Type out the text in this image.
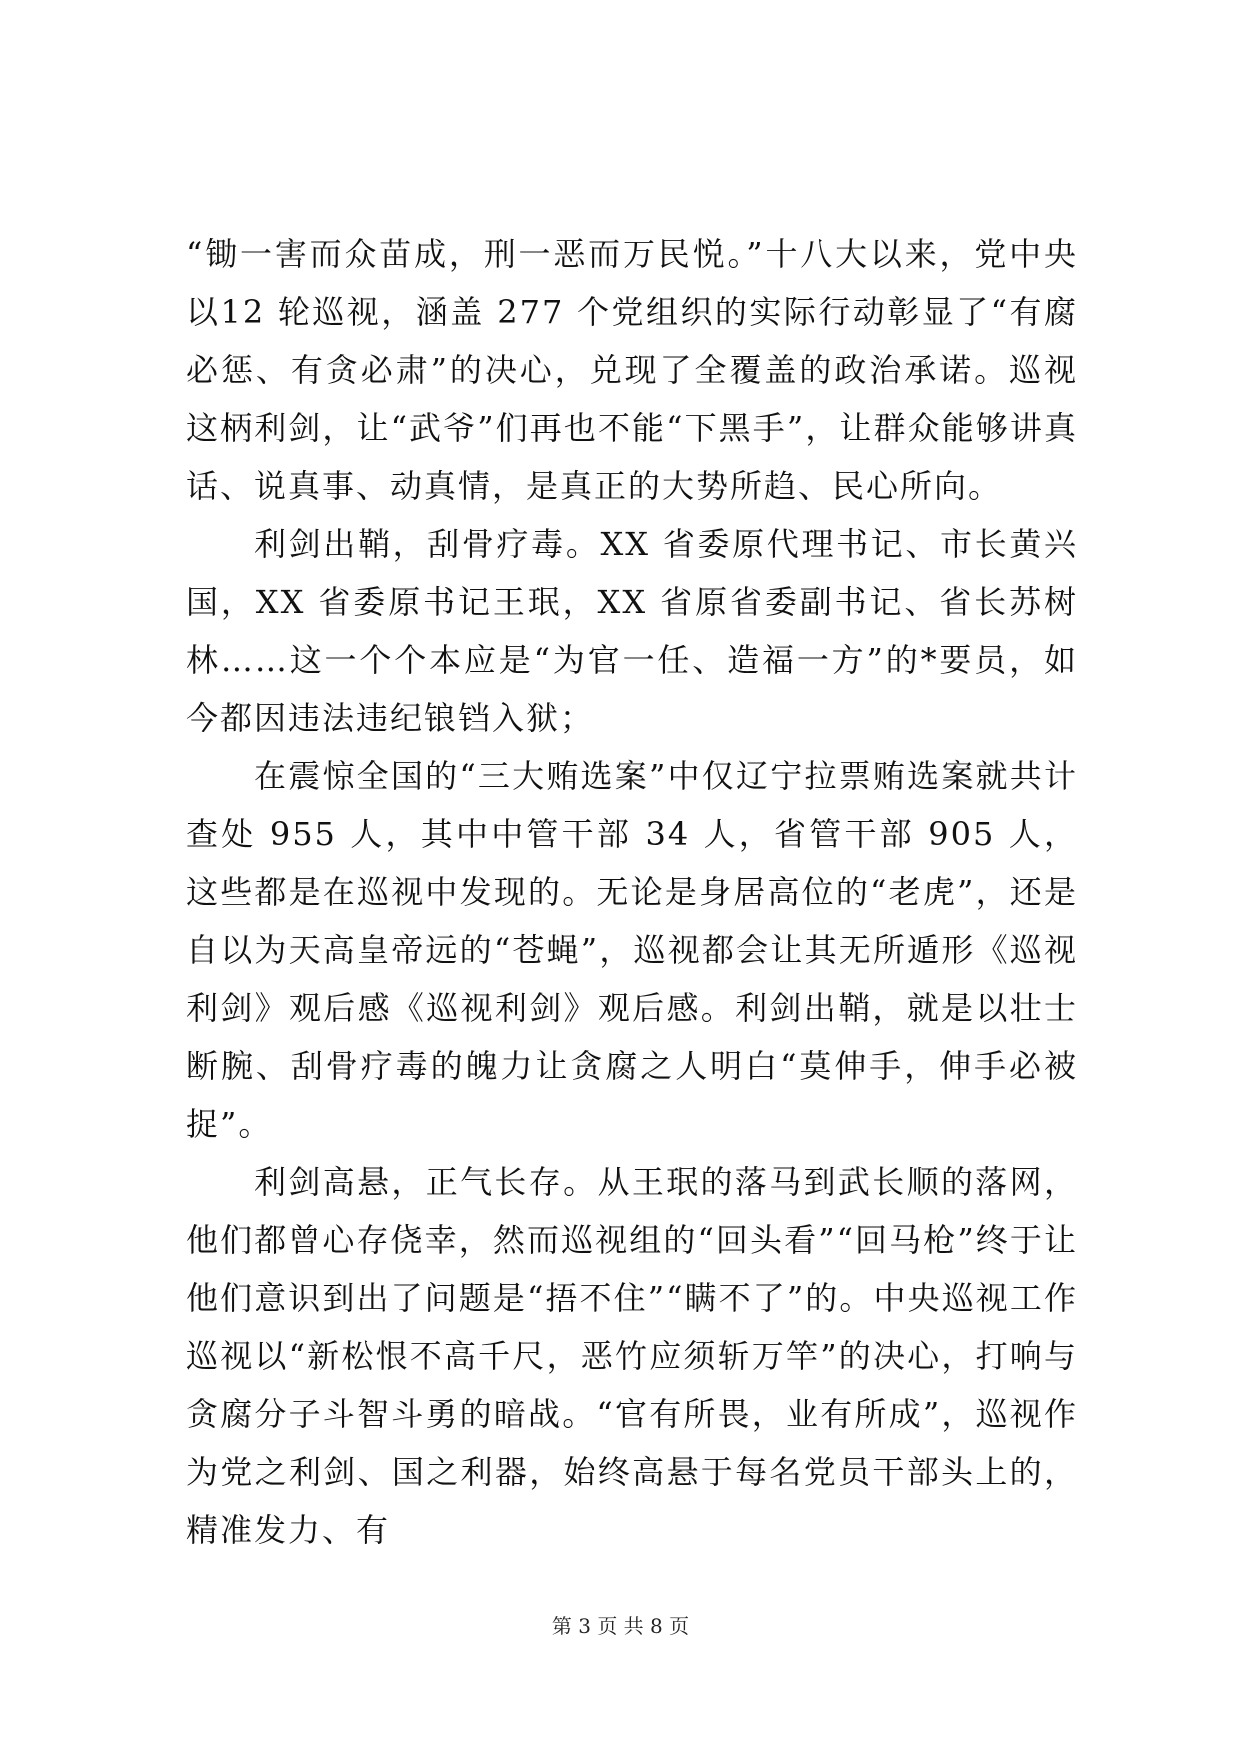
“锄一害而众苗成，刑一恶而万民悦。”十八大以来，党中央以12 轮巡视，涵盖 277 个党组织的实际行动彰显了“有腐必惩、有贪必肃”的决心，兑现了全覆盖的政治承诺。巡视这柄利剑，让“武爷”们再也不能“下黑手”，让群众能够讲真话、说真事、动真情，是真正的大势所趋、民心所向。

利剑出鞘，刮骨疗毒。XX 省委原代理书记、市长黄兴国，XX 省委原书记王珉，XX 省原省委副书记、省长苏树林……这一个个本应是“为官一任、造福一方”的*要员，如今都因违法违纪锒铛入狱；

在震惊全国的“三大贿选案”中仅辽宁拉票贿选案就共计查处 955 人，其中中管干部 34 人，省管干部 905 人，这些都是在巡视中发现的。无论是身居高位的“老虎”，还是自以为天高皇帝远的“苍蝇”，巡视都会让其无所遁形《巡视利剑》观后感《巡视利剑》观后感。利剑出鞘，就是以壮士断腕、刮骨疗毒的魄力让贪腐之人明白“莫伸手，伸手必被捉”。

利剑高悬，正气长存。从王珉的落马到武长顺的落网，他们都曾心存侥幸，然而巡视组的“回头看”“回马枪”终于让他们意识到出了问题是“捂不住”“瞒不了”的。中央巡视工作巡视以“新松恨不高千尺，恶竹应须斩万竿”的决心，打响与贪腐分子斗智斗勇的暗战。“官有所畏，业有所成”，巡视作为党之利剑、国之利器，始终高悬于每名党员干部头上的，精准发力、有

第 3 页 共 8 页
